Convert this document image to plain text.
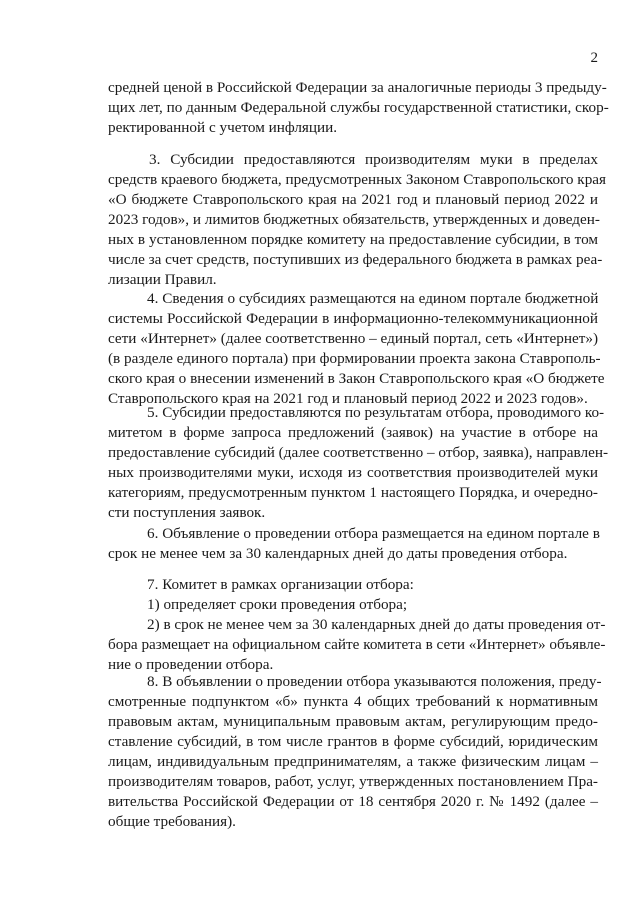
2
средней ценой в Российской Федерации за аналогичные периоды 3 предыду-
щих лет, по данным Федеральной службы государственной статистики, скор-
ректированной с учетом инфляции.
3. Субсидии предоставляются производителям муки в пределах
средств краевого бюджета, предусмотренных Законом Ставропольского края
«О бюджете Ставропольского края на 2021 год и плановый период 2022 и
2023 годов», и лимитов бюджетных обязательств, утвержденных и доведен-
ных в установленном порядке комитету на предоставление субсидии, в том
числе за счет средств, поступивших из федерального бюджета в рамках реа-
лизации Правил.
4. Сведения о субсидиях размещаются на едином портале бюджетной
системы Российской Федерации в информационно-телекоммуникационной
сети «Интернет» (далее соответственно – единый портал, сеть «Интернет»)
(в разделе единого портала) при формировании проекта закона Ставрополь-
ского края о внесении изменений в Закон Ставропольского края «О бюджете
Ставропольского края на 2021 год и плановый период 2022 и 2023 годов».
5. Субсидии предоставляются по результатам отбора, проводимого ко-
митетом в форме запроса предложений (заявок) на участие в отборе на
предоставление субсидий (далее соответственно – отбор, заявка), направлен-
ных производителями муки, исходя из соответствия производителей муки
категориям, предусмотренным пунктом 1 настоящего Порядка, и очередно-
сти поступления заявок.
6. Объявление о проведении отбора размещается на едином портале в
срок не менее чем за 30 календарных дней до даты проведения отбора.
7. Комитет в рамках организации отбора:
1) определяет сроки проведения отбора;
2) в срок не менее чем за 30 календарных дней до даты проведения от-
бора размещает на официальном сайте комитета в сети «Интернет» объявле-
ние о проведении отбора.
8. В объявлении о проведении отбора указываются положения, преду-
смотренные подпунктом «б» пункта 4 общих требований к нормативным
правовым актам, муниципальным правовым актам, регулирующим предо-
ставление субсидий, в том числе грантов в форме субсидий, юридическим
лицам, индивидуальным предпринимателям, а также физическим лицам –
производителям товаров, работ, услуг, утвержденных постановлением Пра-
вительства Российской Федерации от 18 сентября 2020 г. № 1492 (далее –
общие требования).
